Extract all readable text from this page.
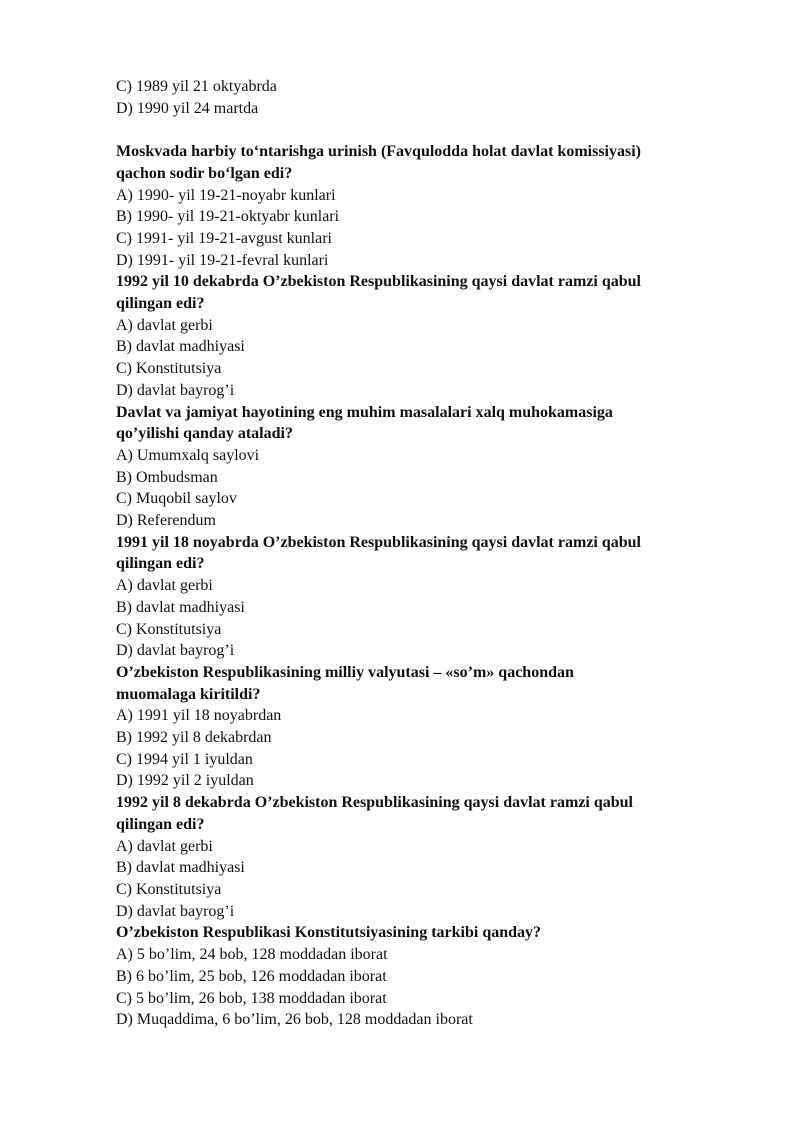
C) 1989 yil 21 oktyabrda
D) 1990 yil 24 martda
Moskvada harbiy to‘ntarishga urinish (Favqulodda holat davlat komissiyasi)
qachon sodir bo‘lgan edi?
A) 1990- yil 19-21-noyabr kunlari
B) 1990- yil 19-21-oktyabr kunlari
C) 1991- yil 19-21-avgust kunlari
D) 1991- yil 19-21-fevral kunlari
1992 yil 10 dekabrda O’zbekiston Respublikasining qaysi davlat ramzi qabul
qilingan edi?
A) davlat gerbi
B) davlat madhiyasi
C) Konstitutsiya
D) davlat bayrog’i
Davlat va jamiyat hayotining eng muhim masalalari xalq muhokamasiga
qo’yilishi qanday ataladi?
A) Umumxalq saylovi
B) Ombudsman
C) Muqobil saylov
D) Referendum
1991 yil 18 noyabrda O’zbekiston Respublikasining qaysi davlat ramzi qabul
qilingan edi?
A) davlat gerbi
B) davlat madhiyasi
C) Konstitutsiya
D) davlat bayrog’i
O’zbekiston Respublikasining milliy valyutasi – «so’m» qachondan
muomalaga kiritildi?
A) 1991 yil 18 noyabrdan
B) 1992 yil 8 dekabrdan
C) 1994 yil 1 iyuldan
D) 1992 yil 2 iyuldan
1992 yil 8 dekabrda O’zbekiston Respublikasining qaysi davlat ramzi qabul
qilingan edi?
A) davlat gerbi
B) davlat madhiyasi
C) Konstitutsiya
D) davlat bayrog’i
O’zbekiston Respublikasi Konstitutsiyasining tarkibi qanday?
A) 5 bo’lim, 24 bob, 128 moddadan iborat
B) 6 bo’lim, 25 bob, 126 moddadan iborat
C) 5 bo’lim, 26 bob, 138 moddadan iborat
D) Muqaddima, 6 bo’lim, 26 bob, 128 moddadan iborat
